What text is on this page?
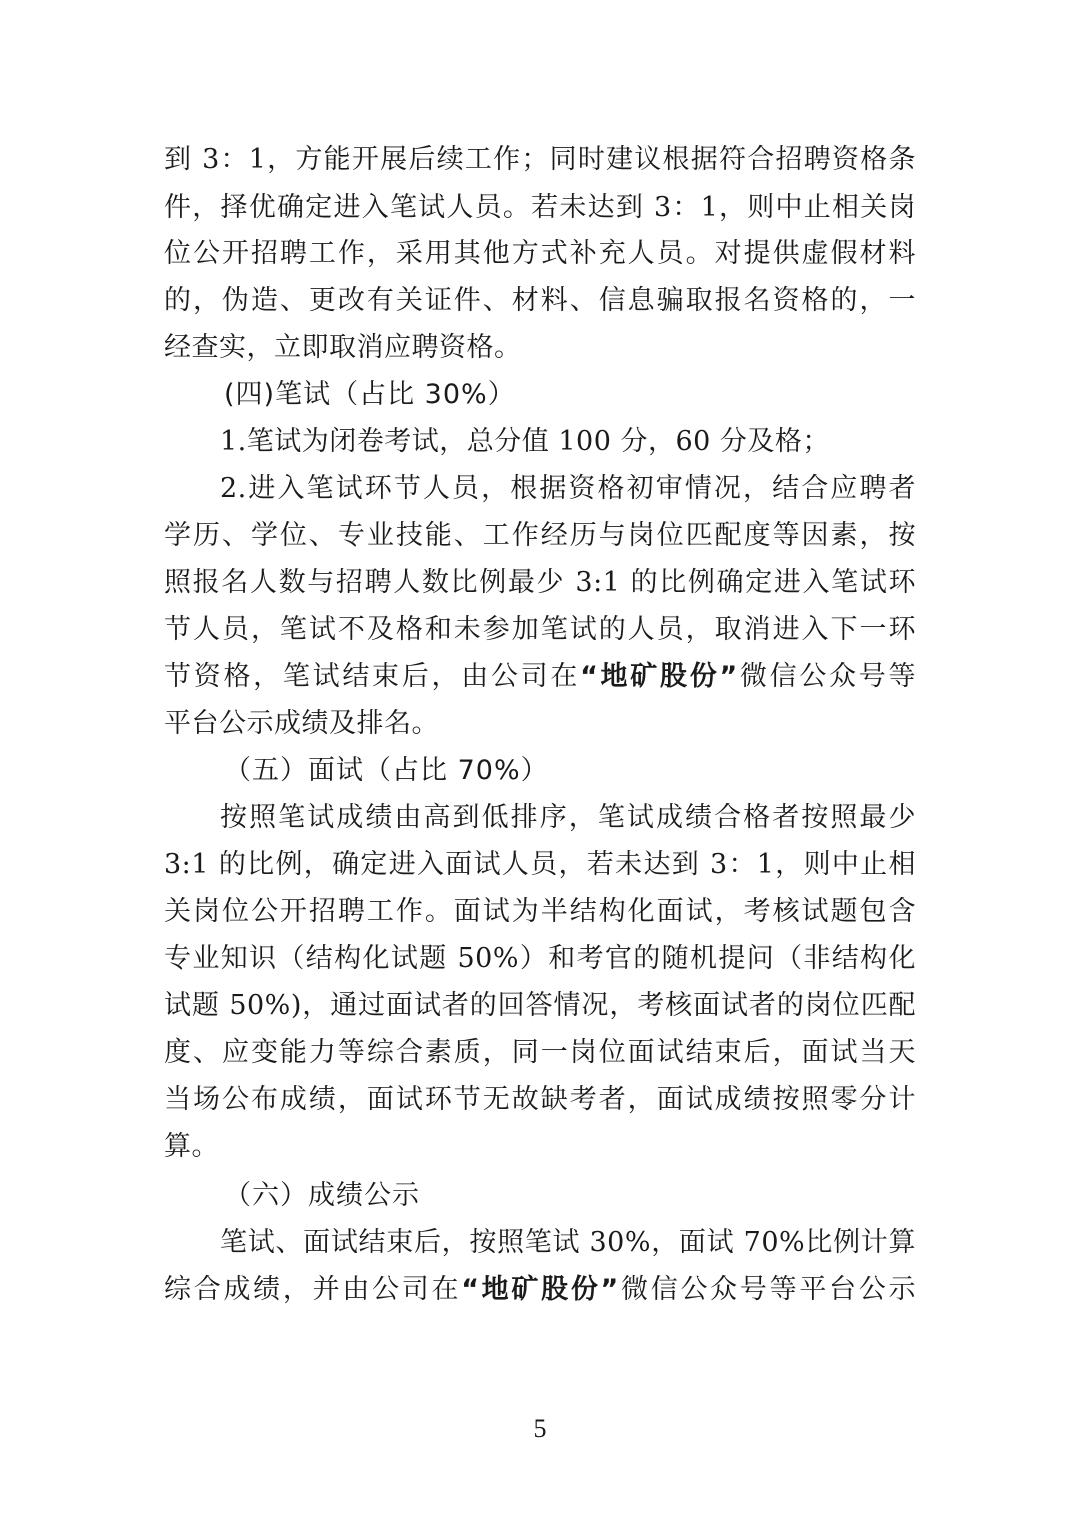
到 3：1，方能开展后续工作；同时建议根据符合招聘资格条
件，择优确定进入笔试人员。若未达到 3：1，则中止相关岗
位公开招聘工作，采用其他方式补充人员。对提供虚假材料
的，伪造、更改有关证件、材料、信息骗取报名资格的，一
经查实，立即取消应聘资格。
(四)笔试（占比 30%）
1.笔试为闭卷考试，总分值 100 分，60 分及格；
2.进入笔试环节人员，根据资格初审情况，结合应聘者
学历、学位、专业技能、工作经历与岗位匹配度等因素，按
照报名人数与招聘人数比例最少 3:1 的比例确定进入笔试环
节人员，笔试不及格和未参加笔试的人员，取消进入下一环
节资格，笔试结束后，由公司在“地矿股份”微信公众号等
平台公示成绩及排名。
（五）面试（占比 70%）
按照笔试成绩由高到低排序，笔试成绩合格者按照最少
3:1 的比例，确定进入面试人员，若未达到 3：1，则中止相
关岗位公开招聘工作。面试为半结构化面试，考核试题包含
专业知识（结构化试题 50%）和考官的随机提问（非结构化
试题 50%)，通过面试者的回答情况，考核面试者的岗位匹配
度、应变能力等综合素质，同一岗位面试结束后，面试当天
当场公布成绩，面试环节无故缺考者，面试成绩按照零分计
算。
（六）成绩公示
笔试、面试结束后，按照笔试 30%，面试 70%比例计算
综合成绩，并由公司在“地矿股份”微信公众号等平台公示
5
